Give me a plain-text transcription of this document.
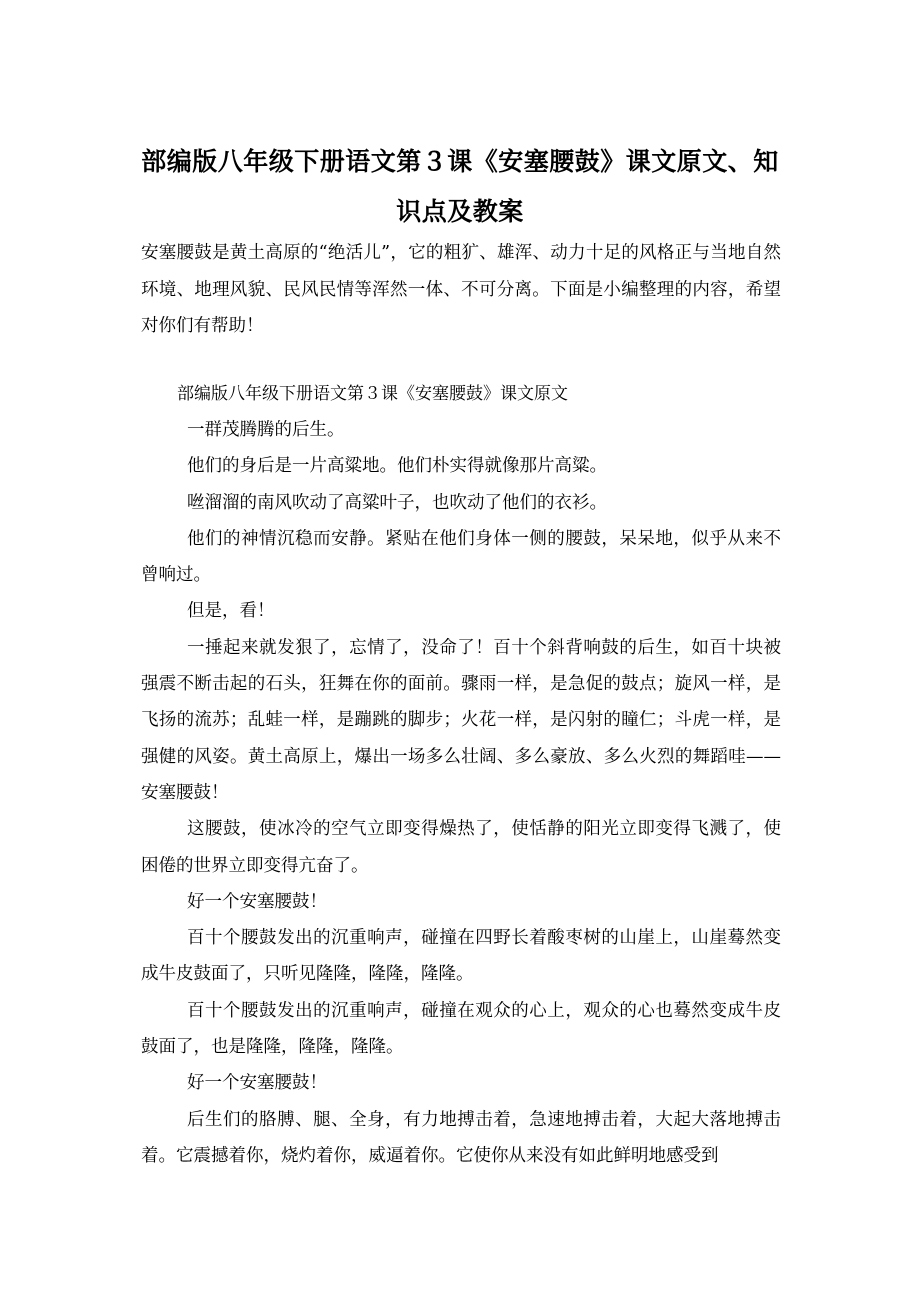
部编版八年级下册语文第３课《安塞腰鼓》课文原文、知识点及教案
安塞腰鼓是黄土高原的“绝活儿”，它的粗犷、雄浑、动力十足的风格正与当地自然环境、地理风貌、民风民情等浑然一体、不可分离。下面是小编整理的内容，希望对你们有帮助！
部编版八年级下册语文第３课《安塞腰鼓》课文原文

一群茂腾腾的后生。

他们的身后是一片高粱地。他们朴实得就像那片高粱。

咝溜溜的南风吹动了高粱叶子，也吹动了他们的衣衫。

他们的神情沉稳而安静。紧贴在他们身体一侧的腰鼓，呆呆地，似乎从来不曾响过。

但是，看！

一捶起来就发狠了，忘情了，没命了！百十个斜背响鼓的后生，如百十块被强震不断击起的石头，狂舞在你的面前。骤雨一样，是急促的鼓点；旋风一样，是飞扬的流苏；乱蛙一样，是蹦跳的脚步；火花一样，是闪射的瞳仁；斗虎一样，是强健的风姿。黄土高原上，爆出一场多么壮阔、多么豪放、多么火烈的舞蹈哇——安塞腰鼓！

这腰鼓，使冰冷的空气立即变得燥热了，使恬静的阳光立即变得飞溅了，使困倦的世界立即变得亢奋了。

好一个安塞腰鼓！

百十个腰鼓发出的沉重响声，碰撞在四野长着酸枣树的山崖上，山崖蓦然变成牛皮鼓面了，只听见隆隆，隆隆，隆隆。

百十个腰鼓发出的沉重响声，碰撞在观众的心上，观众的心也蓦然变成牛皮鼓面了，也是隆隆，隆隆，隆隆。

好一个安塞腰鼓！

后生们的胳膊、腿、全身，有力地搏击着，急速地搏击着，大起大落地搏击着。它震撼着你，烧灼着你，威逼着你。它使你从来没有如此鲜明地感受到
